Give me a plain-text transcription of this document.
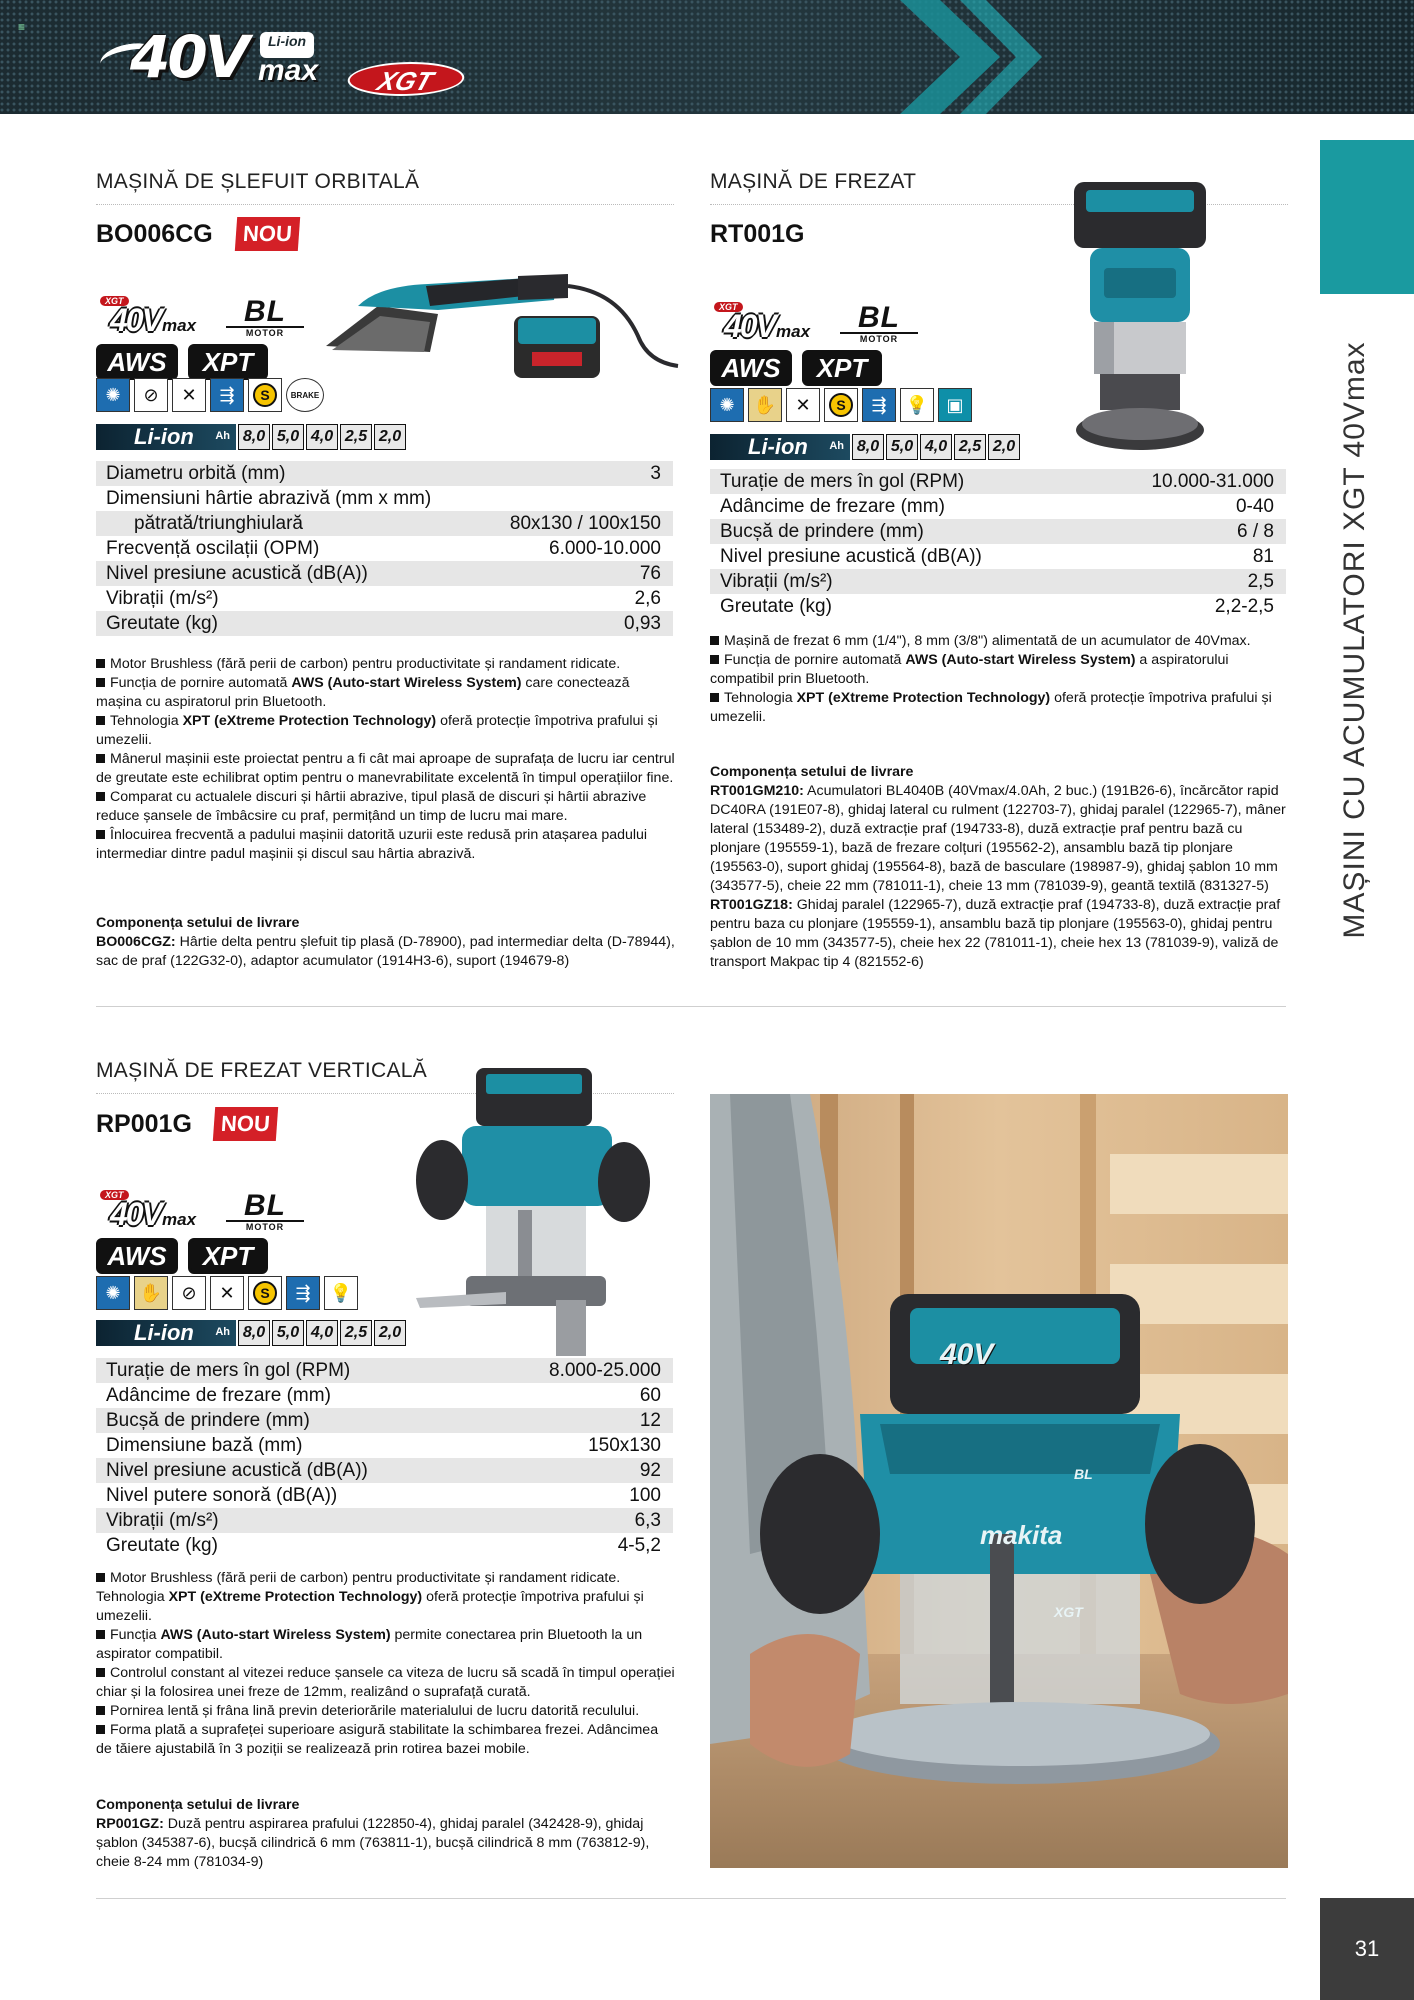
≡ 40V	Li-ion
max	XGT
MAȘINI CU ACUMULATORI XGT 40Vmax
31
MAȘINĂ DE ȘLEFUIT ORBITALĂ
BO006CG	NOU
XGT
40V max	BL
MOTOR
AWS	XPT
✺	⊘	✕	⇶	S	BRAKE
Li-ion Ah 8,0 5,0 4,0 2,5 2,0
Diametru orbită (mm)	3
Dimensiuni hârtie abrazivă (mm x mm)
pătrată/triunghiulară	80x130 / 100x150
Frecvență oscilații (OPM)	6.000-10.000
Nivel presiune acustică (dB(A))	76
Vibrații (m/s²)	2,6
Greutate (kg)	0,93

Motor Brushless (fără perii de carbon) pentru productivitate și randament ridicate.

Funcția de pornire automată AWS (Auto-start Wireless System) care conectează mașina cu aspiratorul prin Bluetooth.

Tehnologia XPT (eXtreme Protection Technology) oferă protecție împotriva prafului și umezelii.

Mânerul mașinii este proiectat pentru a fi cât mai aproape de suprafața de lucru iar centrul de greutate este echilibrat optim pentru o manevrabilitate excelentă în timpul operațiilor fine.

Comparat cu actualele discuri și hârtii abrazive, tipul plasă de discuri și hârtii abrazive reduce șansele de îmbâcsire cu praf, permițând un timp de lucru mai mare.

Înlocuirea frecventă a padului mașinii datorită uzurii este redusă prin atașarea padului intermediar dintre padul mașinii și discul sau hârtia abrazivă.

Componența setului de livrare

BO006CGZ: Hârtie delta pentru șlefuit tip plasă (D-78900), pad intermediar delta (D-78944), sac de praf (122G32-0), adaptor acumulator (1914H3-6), suport (194679-8)

MAȘINĂ DE FREZAT
RT001G
XGT
40V max	BL
MOTOR
AWS	XPT
✺	✋	✕	S	⇶	💡	▣
Li-ion Ah 8,0 5,0 4,0 2,5 2,0
Turație de mers în gol (RPM)	10.000-31.000
Adâncime de frezare (mm)	0-40
Bucșă de prindere (mm)	6 / 8
Nivel presiune acustică (dB(A))	81
Vibrații (m/s²)	2,5
Greutate (kg)	2,2-2,5

Mașină de frezat 6 mm (1/4"), 8 mm (3/8") alimentată de un acumulator de 40Vmax.

Funcția de pornire automată AWS (Auto-start Wireless System) a aspiratorului compatibil prin Bluetooth.

Tehnologia XPT (eXtreme Protection Technology) oferă protecție împotriva prafului și umezelii.

Componența setului de livrare

RT001GM210: Acumulatori BL4040B (40Vmax/4.0Ah, 2 buc.) (191B26-6), încărcător rapid DC40RA (191E07-8), ghidaj lateral cu rulment (122703-7), ghidaj paralel (122965-7), mâner lateral (153489-2), duză extracție praf (194733-8), duză extracție praf pentru bază cu plonjare (195559-1), bază de frezare colțuri (195562-2), ansamblu bază tip plonjare (195563-0), suport ghidaj (195564-8), bază de basculare (198987-9), ghidaj șablon 10 mm (343577-5), cheie 22 mm (781011-1), cheie 13 mm (781039-9), geantă textilă (831327-5)

RT001GZ18: Ghidaj paralel (122965-7), duză extracție praf (194733-8), duză extracție praf pentru baza cu plonjare (195559-1), ansamblu bază tip plonjare (195563-0), ghidaj pentru șablon de 10 mm (343577-5), cheie hex 22 (781011-1), cheie hex 13 (781039-9), valiză de transport Makpac tip 4 (821552-6)

MAȘINĂ DE FREZAT VERTICALĂ
RP001G	NOU
XGT
40V max	BL
MOTOR
AWS	XPT
✺	✋	⊘	✕	S	⇶	💡
Li-ion Ah 8,0 5,0 4,0 2,5 2,0
Turație de mers în gol (RPM)	8.000-25.000
Adâncime de frezare (mm)	60
Bucșă de prindere (mm)	12
Dimensiune bază (mm)	150x130
Nivel presiune acustică (dB(A))	92
Nivel putere sonoră (dB(A))	100
Vibrații (m/s²)	6,3
Greutate (kg)	4-5,2

Motor Brushless (fără perii de carbon) pentru productivitate și randament ridicate. Tehnologia XPT (eXtreme Protection Technology) oferă protecție împotriva prafului și umezelii.

Funcția AWS (Auto-start Wireless System) permite conectarea prin Bluetooth la un aspirator compatibil.

Controlul constant al vitezei reduce șansele ca viteza de lucru să scadă în timpul operației chiar și la folosirea unei freze de 12mm, realizând o suprafață curată.

Pornirea lentă și frâna lină previn deteriorările materialului de lucru datorită reculului.

Forma plată a suprafeței superioare asigură stabilitate la schimbarea frezei. Adâncimea de tăiere ajustabilă în 3 poziții se realizează prin rotirea bazei mobile.

Componența setului de livrare

RP001GZ: Duză pentru aspirarea prafului (122850-4), ghidaj paralel (342428-9), ghidaj șablon (345387-6), bucșă cilindrică 6 mm (763811-1), bucșă cilindrică 8 mm (763812-9), cheie 8-24 mm (781034-9)

makita
BL
XGT
40V
